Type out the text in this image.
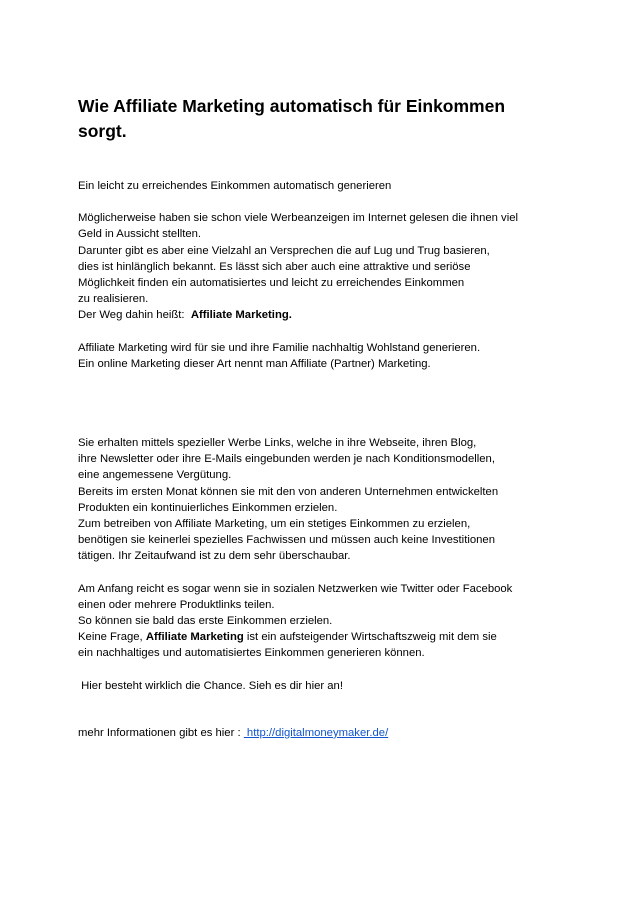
Wie Affiliate Marketing automatisch für Einkommen
sorgt.

Ein leicht zu erreichendes Einkommen automatisch generieren

Möglicherweise haben sie schon viele Werbeanzeigen im Internet gelesen die ihnen viel
Geld in Aussicht stellten.
Darunter gibt es aber eine Vielzahl an Versprechen die auf Lug und Trug basieren,
dies ist hinlänglich bekannt. Es lässt sich aber auch eine attraktive und seriöse
Möglichkeit finden ein automatisiertes und leicht zu erreichendes Einkommen
zu realisieren.
Der Weg dahin heißt:  Affiliate Marketing.

Affiliate Marketing wird für sie und ihre Familie nachhaltig Wohlstand generieren.
Ein online Marketing dieser Art nennt man Affiliate (Partner) Marketing.

Sie erhalten mittels spezieller Werbe Links, welche in ihre Webseite, ihren Blog,
ihre Newsletter oder ihre E-Mails eingebunden werden je nach Konditionsmodellen,
eine angemessene Vergütung.
Bereits im ersten Monat können sie mit den von anderen Unternehmen entwickelten
Produkten ein kontinuierliches Einkommen erzielen.
Zum betreiben von Affiliate Marketing, um ein stetiges Einkommen zu erzielen,
benötigen sie keinerlei spezielles Fachwissen und müssen auch keine Investitionen
tätigen. Ihr Zeitaufwand ist zu dem sehr überschaubar.

Am Anfang reicht es sogar wenn sie in sozialen Netzwerken wie Twitter oder Facebook
einen oder mehrere Produktlinks teilen.
So können sie bald das erste Einkommen erzielen.
Keine Frage, Affiliate Marketing ist ein aufsteigender Wirtschaftszweig mit dem sie
ein nachhaltiges und automatisiertes Einkommen generieren können.

Hier besteht wirklich die Chance. Sieh es dir hier an!

mehr Informationen gibt es hier :  http://digitalmoneymaker.de/
